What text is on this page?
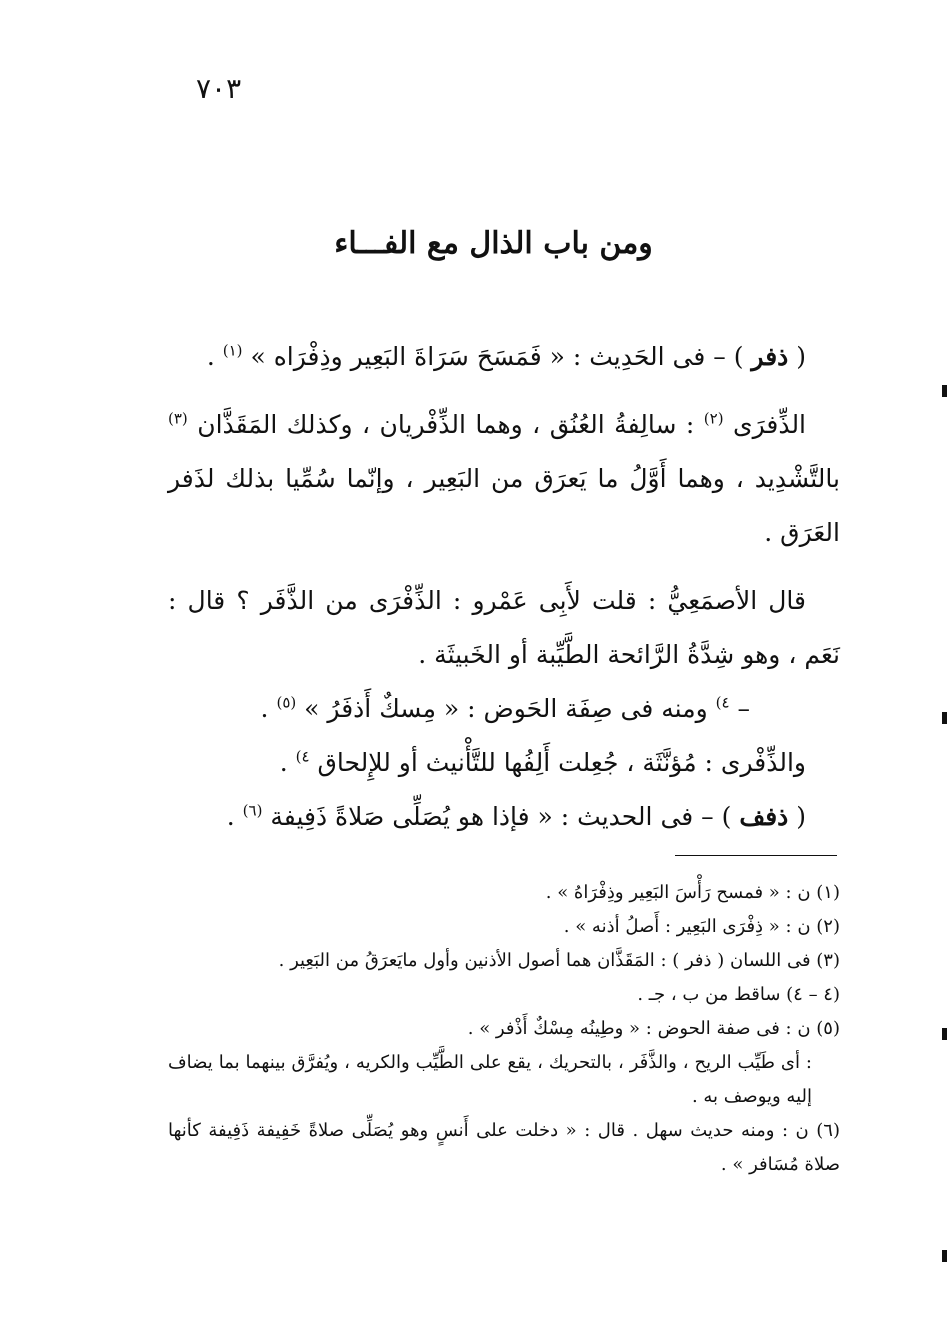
٧٠٣
ومن باب الذال مع الفـــاء

( ذفر ) – فى الحَدِيث : « فَمَسَحَ سَرَاةَ البَعِير وذِفْرَاه » $^{(١)}$ .

الذِّفرَى $^{(٢)}$ : سالِفةُ العُنُق ، وهما الذِّفْريان ، وكذلك المَقَذَّان $^{(٣)}$ بالتَّشْدِيد ، وهما أَوَّلُ ما يَعرَق من البَعِير ، وإنّما سُمِّيا بذلك لذَفر العَرَق .

قال الأصمَعِيُّ : قلت لأَبِى عَمْرو : الذِّفْرَى من الذَّفَر ؟ قال : نَعَم ، وهو شِدَّةُ الرَّائحة الطَّيِّبة أو الخَبيثَة .

– $^{٤)}$ ومنه فى صِفَة الحَوض : « مِسكٌ أَذفَرُ » $^{(٥)}$ .

والذِّفْرى : مُؤنَّثَة ، جُعِلت أَلِفُها للتَّأْنيث أو للإِلحاق $^{٤)}$ .

( ذفف ) – فى الحديث : « فإذا هو يُصَلِّى صَلاةً ذَفِيفة $^{(٦)}$ .

(١) ن : « فمسح رَأْسَ البَعِير وذِفْرَاهُ » .

(٢) ن : « ذِفْرَى البَعِير : أَصلُ أذنه » .

(٣) فى اللسان ( ذفر ) : المَقَذَّان هما أصول الأذنين وأول مايَعرَقُ من البَعِير .

(٤ – ٤) ساقط من ب ، جـ .

(٥) ن : فى صفة الحوض : « وطِينُه مِسْكٌ أَذْفر » .

: أى طَيِّب الريح ، والذَّفَر ، بالتحريك ، يقع على الطَّيِّب والكريه ، ويُفرَّق بينهما بما يضاف إليه ويوصف به .

(٦) ن : ومنه حديث سهل . قال : « دخلت على أَنسٍ وهو يُصَلِّى صلاةً خَفِيفة ذَفِيفة كأنها صلاة مُسَافر » .
